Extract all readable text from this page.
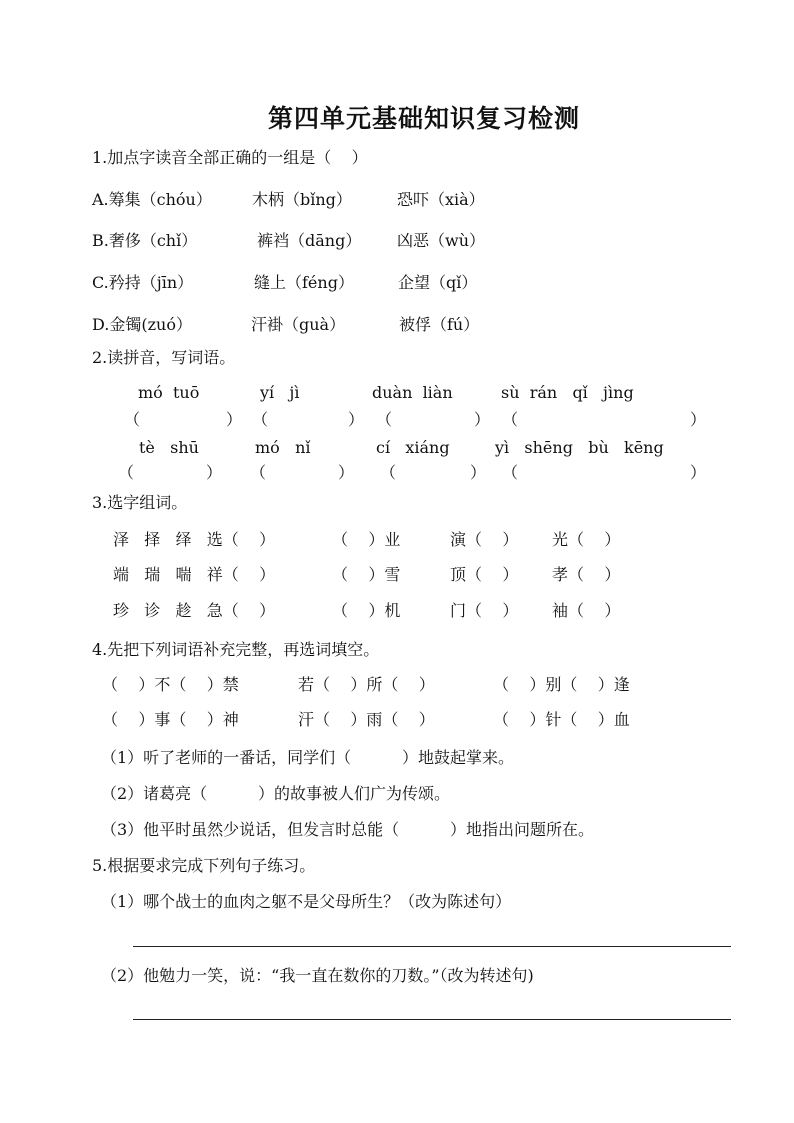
第四单元基础知识复习检测
1.加点字读音全部正确的一组是（    ）
A.筹集（chóu）	木柄（bǐng）	恐吓（xià）
B.奢侈（chǐ）	裤裆（dāng） 凶恶（wù）
C.矜持（jīn）	缝上（féng）	企望（qǐ）
D.金镯(zuó）	汗褂（guà）	被俘（fú）
2.读拼音，写词语。
mó  tuō	yí   jì	duàn  liàn	sù  rán   qǐ   jìng
（	） （	） （	） （	）
tè   shū	mó   nǐ	cí   xiáng	yì   shēng   bù   kēng
（	） （	） （	） （	）
3.选字组词。
泽   择   绎   选（    ）	（    ）业	演（    ） 光（    ）
端   瑞   喘   祥（    ）	（    ）雪	顶（    ） 孝（    ）
珍   诊   趁   急（    ）	（    ）机	门（    ） 袖（    ）
4.先把下列词语补充完整，再选词填空。
（    ）不（    ）禁	若（    ）所（    ）	（    ）别（    ）逢
（    ）事（    ）神	汗（    ）雨（    ）	（    ）针（    ）血
（1）听了老师的一番话，同学们（          ）地鼓起掌来。
（2）诸葛亮（          ）的故事被人们广为传颂。
（3）他平时虽然少说话，但发言时总能（          ）地指出问题所在。
5.根据要求完成下列句子练习。
（1）哪个战士的血肉之躯不是父母所生？（改为陈述句）
（2）他勉力一笑，说：“我一直在数你的刀数。”（改为转述句)
